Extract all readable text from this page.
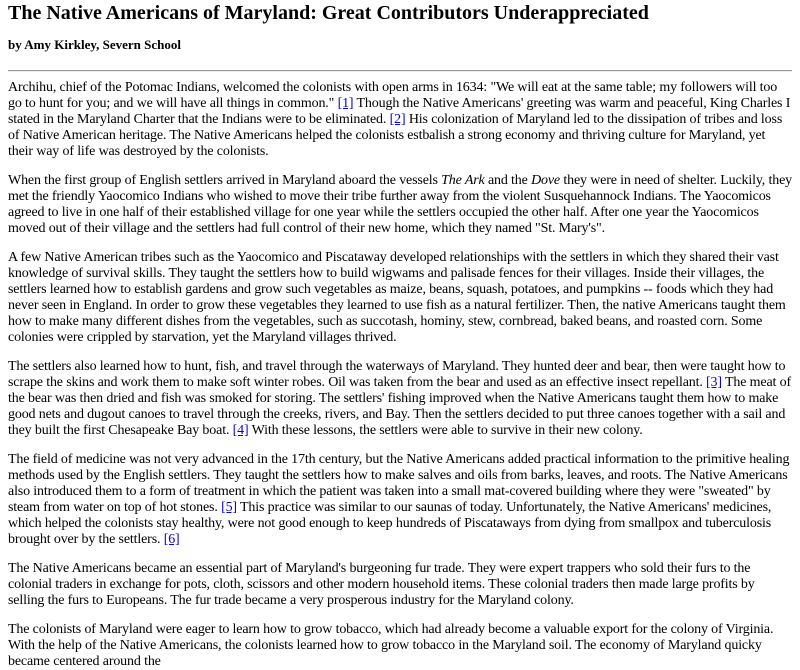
The Native Americans of Maryland: Great Contributors Underappreciated
by Amy Kirkley, Severn School

Archihu, chief of the Potomac Indians, welcomed the colonists with open arms in 1634: "We will eat at the same table; my followers will too go to hunt for you; and we will have all things in common." [1] Though the Native Americans' greeting was warm and peaceful, King Charles I stated in the Maryland Charter that the Indians were to be eliminated. [2] His colonization of Maryland led to the dissipation of tribes and loss of Native American heritage. The Native Americans helped the colonists estbalish a strong economy and thriving culture for Maryland, yet their way of life was destroyed by the colonists.

When the first group of English settlers arrived in Maryland aboard the vessels The Ark and the Dove they were in need of shelter. Luckily, they met the friendly Yaocomico Indians who wished to move their tribe further away from the violent Susquehannock Indians. The Yaocomicos agreed to live in one half of their established village for one year while the settlers occupied the other half. After one year the Yaocomicos moved out of their village and the settlers had full control of their new home, which they named "St. Mary's".

A few Native American tribes such as the Yaocomico and Piscataway developed relationships with the settlers in which they shared their vast knowledge of survival skills. They taught the settlers how to build wigwams and palisade fences for their villages. Inside their villages, the settlers learned how to establish gardens and grow such vegetables as maize, beans, squash, potatoes, and pumpkins -- foods which they had never seen in England. In order to grow these vegetables they learned to use fish as a natural fertilizer. Then, the native Americans taught them how to make many different dishes from the vegetables, such as succotash, hominy, stew, cornbread, baked beans, and roasted corn. Some colonies were crippled by starvation, yet the Maryland villages thrived.

The settlers also learned how to hunt, fish, and travel through the waterways of Maryland. They hunted deer and bear, then were taught how to scrape the skins and work them to make soft winter robes. Oil was taken from the bear and used as an effective insect repellant. [3] The meat of the bear was then dried and fish was smoked for storing. The settlers' fishing improved when the Native Americans taught them how to make good nets and dugout canoes to travel through the creeks, rivers, and Bay. Then the settlers decided to put three canoes together with a sail and they built the first Chesapeake Bay boat. [4] With these lessons, the settlers were able to survive in their new colony.

The field of medicine was not very advanced in the 17th century, but the Native Americans added practical information to the primitive healing methods used by the English settlers. They taught the settlers how to make salves and oils from barks, leaves, and roots. The Native Americans also introduced them to a form of treatment in which the patient was taken into a small mat-covered building where they were "sweated" by steam from water on top of hot stones. [5] This practice was similar to our saunas of today. Unfortunately, the Native Americans' medicines, which helped the colonists stay healthy, were not good enough to keep hundreds of Piscataways from dying from smallpox and tuberculosis brought over by the settlers. [6]

The Native Americans became an essential part of Maryland's burgeoning fur trade. They were expert trappers who sold their furs to the colonial traders in exchange for pots, cloth, scissors and other modern household items. These colonial traders then made large profits by selling the furs to Europeans. The fur trade became a very prosperous industry for the Maryland colony.

The colonists of Maryland were eager to learn how to grow tobacco, which had already become a valuable export for the colony of Virginia. With the help of the Native Americans, the colonists learned how to grow tobacco in the Maryland soil. The economy of Maryland quicky became centered around the
